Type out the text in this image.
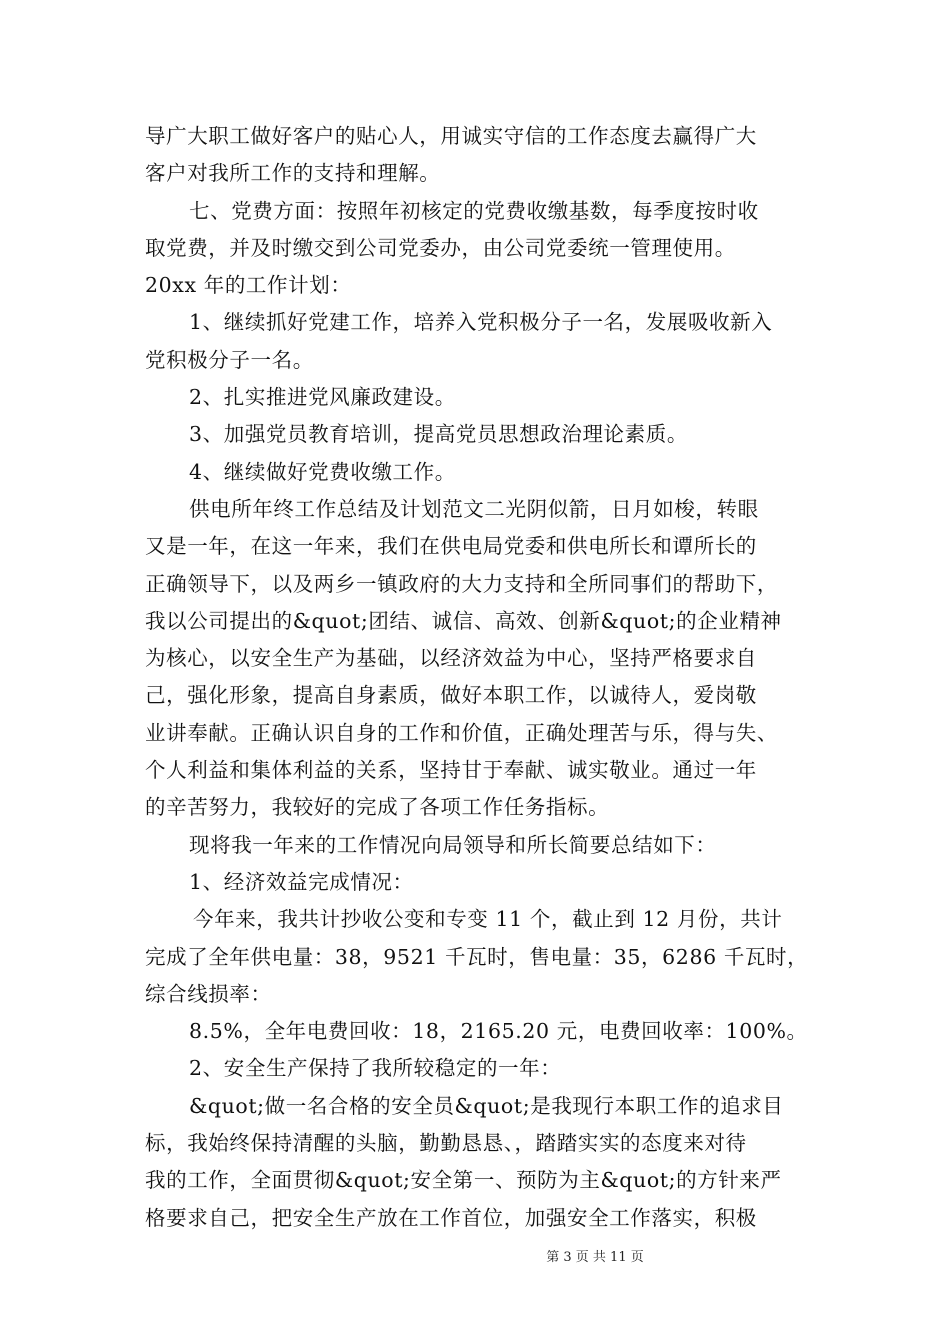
导广大职工做好客户的贴心人，用诚实守信的工作态度去赢得广大
客户对我所工作的支持和理解。
七、党费方面：按照年初核定的党费收缴基数，每季度按时收
取党费，并及时缴交到公司党委办，由公司党委统一管理使用。
20xx 年的工作计划：
1、继续抓好党建工作，培养入党积极分子一名，发展吸收新入
党积极分子一名。
2、扎实推进党风廉政建设。
3、加强党员教育培训，提高党员思想政治理论素质。
4、继续做好党费收缴工作。
供电所年终工作总结及计划范文二光阴似箭，日月如梭，转眼
又是一年，在这一年来，我们在供电局党委和供电所长和谭所长的
正确领导下，以及两乡一镇政府的大力支持和全所同事们的帮助下，
我以公司提出的&quot;团结、诚信、高效、创新&quot;的企业精神
为核心，以安全生产为基础，以经济效益为中心，坚持严格要求自
己，强化形象，提高自身素质，做好本职工作，以诚待人，爱岗敬
业讲奉献。正确认识自身的工作和价值，正确处理苦与乐，得与失、
个人利益和集体利益的关系，坚持甘于奉献、诚实敬业。通过一年
的辛苦努力，我较好的完成了各项工作任务指标。
现将我一年来的工作情况向局领导和所长简要总结如下：
1、经济效益完成情况：
今年来，我共计抄收公变和专变 11 个，截止到 12 月份，共计
完成了全年供电量：38，9521 千瓦时，售电量：35，6286 千瓦时，
综合线损率：
8.5%，全年电费回收：18，2165.20 元，电费回收率：100%。
2、安全生产保持了我所较稳定的一年：
&quot;做一名合格的安全员&quot;是我现行本职工作的追求目
标，我始终保持清醒的头脑，勤勤恳恳、，踏踏实实的态度来对待
我的工作，全面贯彻&quot;安全第一、预防为主&quot;的方针来严
格要求自己，把安全生产放在工作首位，加强安全工作落实，积极
第 3 页 共 11 页
